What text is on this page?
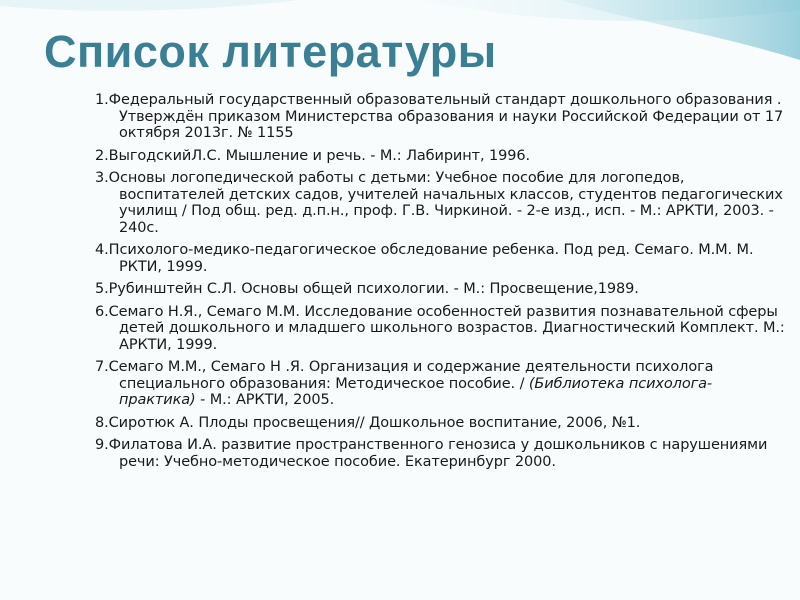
Список литературы
1.Федеральный государственный образовательный стандарт дошкольного образования . Утверждён приказом Министерства образования и науки Российской Федерации от 17 октября 2013г. № 1155
2.ВыгодскийЛ.С. Мышление и речь. - М.: Лабиринт, 1996.
3.Основы логопедической работы с детьми: Учебное пособие для логопедов, воспитателей детских садов, учителей начальных классов, студентов педагогических училищ / Под общ. ред. д.п.н., проф. Г.В. Чиркиной. - 2-е изд., исп. - М.: АРКТИ, 2003. - 240с.
4.Психолого-медико-педагогическое обследование ребенка. Под ред. Семаго. М.М. М. РКТИ, 1999.
5.Рубинштейн С.Л. Основы общей психологии. - М.: Просвещение,1989.
6.Семаго Н.Я., Семаго М.М. Исследование особенностей развития познавательной сферы детей дошкольного и младшего школьного возрастов. Диагностический Комплект. М.: АРКТИ, 1999.
7.Семаго М.М., Семаго Н .Я. Организация и содержание деятельности психолога специального образования: Методическое пособие. / (Библиотека психолога-практика) - М.: АРКТИ, 2005.
8.Сиротюк А. Плоды просвещения// Дошкольное воспитание, 2006, №1.
9.Филатова И.А. развитие пространственного генозиса у дошкольников с нарушениями речи: Учебно-методическое пособие. Екатеринбург 2000.
